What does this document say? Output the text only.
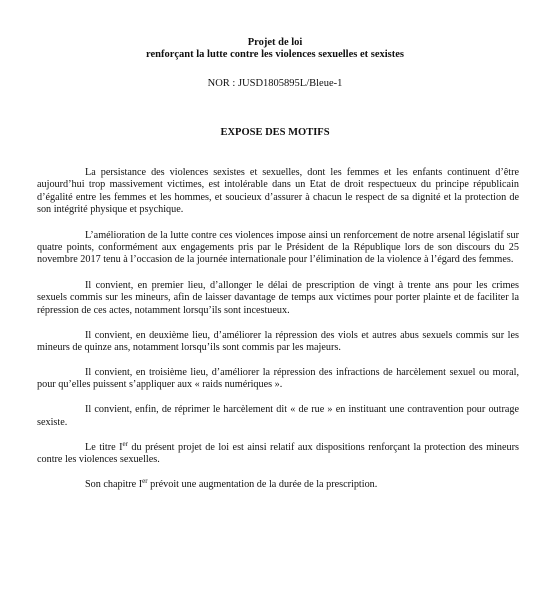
Projet de loi
renforçant la lutte contre les violences sexuelles et sexistes
NOR : JUSD1805895L/Bleue-1
EXPOSE DES MOTIFS

La persistance des violences sexistes et sexuelles, dont les femmes et les enfants continuent d’être aujourd’hui trop massivement victimes, est intolérable dans un Etat de droit respectueux du principe républicain d’égalité entre les femmes et les hommes, et soucieux d’assurer à chacun le respect de sa dignité et la protection de son intégrité physique et psychique.

L’amélioration de la lutte contre ces violences impose ainsi un renforcement de notre arsenal législatif sur quatre points, conformément aux engagements pris par le Président de la République lors de son discours du 25 novembre 2017 tenu à l’occasion de la journée internationale pour l’élimination de la violence à l’égard des femmes.

Il convient, en premier lieu, d’allonger le délai de prescription de vingt à trente ans pour les crimes sexuels commis sur les mineurs, afin de laisser davantage de temps aux victimes pour porter plainte et de faciliter la répression de ces actes, notamment lorsqu’ils sont incestueux.

Il convient, en deuxième lieu, d’améliorer la répression des viols et autres abus sexuels commis sur les mineurs de quinze ans, notamment lorsqu’ils sont commis par les majeurs.

Il convient, en troisième lieu, d’améliorer la répression des infractions de harcèlement sexuel ou moral, pour qu’elles puissent s’appliquer aux « raids numériques ».

Il convient, enfin, de réprimer le harcèlement dit « de rue » en instituant une contravention pour outrage sexiste.

Le titre Ier du présent projet de loi est ainsi relatif aux dispositions renforçant la protection des mineurs contre les violences sexuelles.

Son chapitre Ier prévoit une augmentation de la durée de la prescription.
